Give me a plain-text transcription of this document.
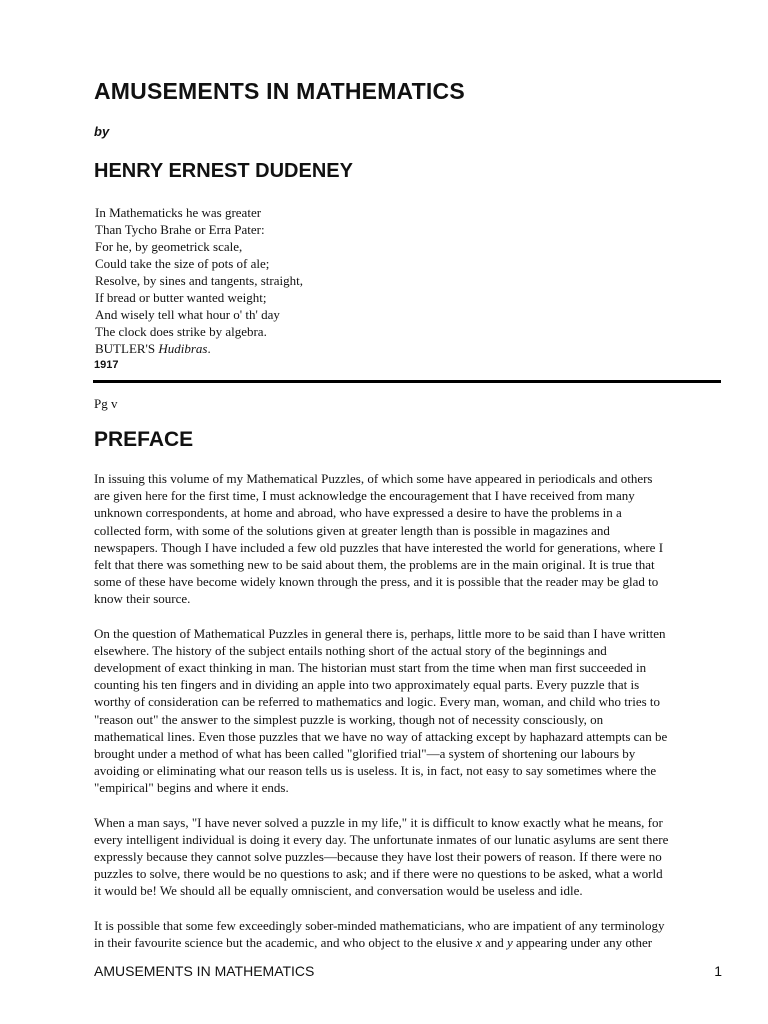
AMUSEMENTS IN MATHEMATICS
by
HENRY ERNEST DUDENEY
In Mathematicks he was greater
Than Tycho Brahe or Erra Pater:
For he, by geometrick scale,
Could take the size of pots of ale;
Resolve, by sines and tangents, straight,
If bread or butter wanted weight;
And wisely tell what hour o' th' day
The clock does strike by algebra.
BUTLER'S Hudibras.
1917
Pg v
PREFACE

In issuing this volume of my Mathematical Puzzles, of which some have appeared in periodicals and others
are given here for the first time, I must acknowledge the encouragement that I have received from many
unknown correspondents, at home and abroad, who have expressed a desire to have the problems in a
collected form, with some of the solutions given at greater length than is possible in magazines and
newspapers. Though I have included a few old puzzles that have interested the world for generations, where I
felt that there was something new to be said about them, the problems are in the main original. It is true that
some of these have become widely known through the press, and it is possible that the reader may be glad to
know their source.

On the question of Mathematical Puzzles in general there is, perhaps, little more to be said than I have written
elsewhere. The history of the subject entails nothing short of the actual story of the beginnings and
development of exact thinking in man. The historian must start from the time when man first succeeded in
counting his ten fingers and in dividing an apple into two approximately equal parts. Every puzzle that is
worthy of consideration can be referred to mathematics and logic. Every man, woman, and child who tries to
"reason out" the answer to the simplest puzzle is working, though not of necessity consciously, on
mathematical lines. Even those puzzles that we have no way of attacking except by haphazard attempts can be
brought under a method of what has been called "glorified trial"—a system of shortening our labours by
avoiding or eliminating what our reason tells us is useless. It is, in fact, not easy to say sometimes where the
"empirical" begins and where it ends.

When a man says, "I have never solved a puzzle in my life," it is difficult to know exactly what he means, for
every intelligent individual is doing it every day. The unfortunate inmates of our lunatic asylums are sent there
expressly because they cannot solve puzzles—because they have lost their powers of reason. If there were no
puzzles to solve, there would be no questions to ask; and if there were no questions to be asked, what a world
it would be! We should all be equally omniscient, and conversation would be useless and idle.

It is possible that some few exceedingly sober-minded mathematicians, who are impatient of any terminology
in their favourite science but the academic, and who object to the elusive x and y appearing under any other

AMUSEMENTS IN MATHEMATICS	1
